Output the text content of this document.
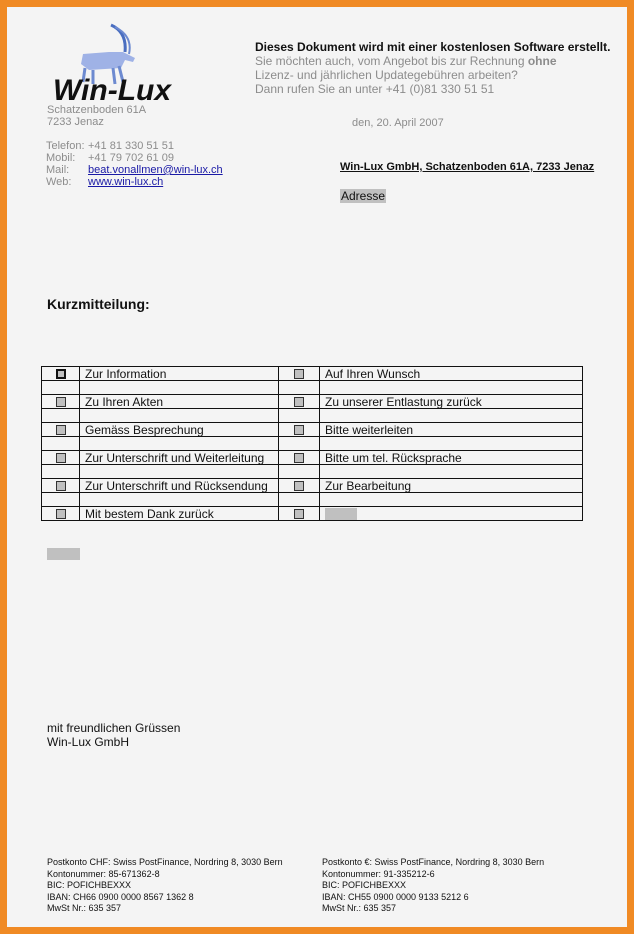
Win-Lux
Dieses Dokument wird mit einer kostenlosen Software erstellt.
Sie möchten auch, vom Angebot bis zur Rechnung ohne
Lizenz- und jährlichen Updategebühren arbeiten?
Dann rufen Sie an unter +41 (0)81 330 51 51
Schatzenboden 61A
7233 Jenaz
Telefon:	+41 81 330 51 51
Mobil:	+41 79 702 61 09
Mail:	beat.vonallmen@win-lux.ch
Web:	www.win-lux.ch
den, 20. April 2007
Win-Lux GmbH, Schatzenboden 61A, 7233 Jenaz
Adresse
Kurzmitteilung:
	Zur Information		Auf Ihren Wunsch

	Zu Ihren Akten		Zu unserer Entlastung zurück

	Gemäss Besprechung		Bitte weiterleiten

	Zur Unterschrift und Weiterleitung		Bitte um tel. Rücksprache

	Zur Unterschrift und Rücksendung		Zur Bearbeitung

	Mit bestem Dank zurück		
mit freundlichen Grüssen
Win-Lux GmbH
Postkonto CHF: Swiss PostFinance, Nordring 8, 3030 Bern
Kontonummer: 85-671362-8
BIC: POFICHBEXXX
IBAN: CH66 0900 0000 8567 1362 8
MwSt Nr.: 635 357
Postkonto €: Swiss PostFinance, Nordring 8, 3030 Bern
Kontonummer: 91-335212-6
BIC: POFICHBEXXX
IBAN: CH55 0900 0000 9133 5212 6
MwSt Nr.: 635 357
